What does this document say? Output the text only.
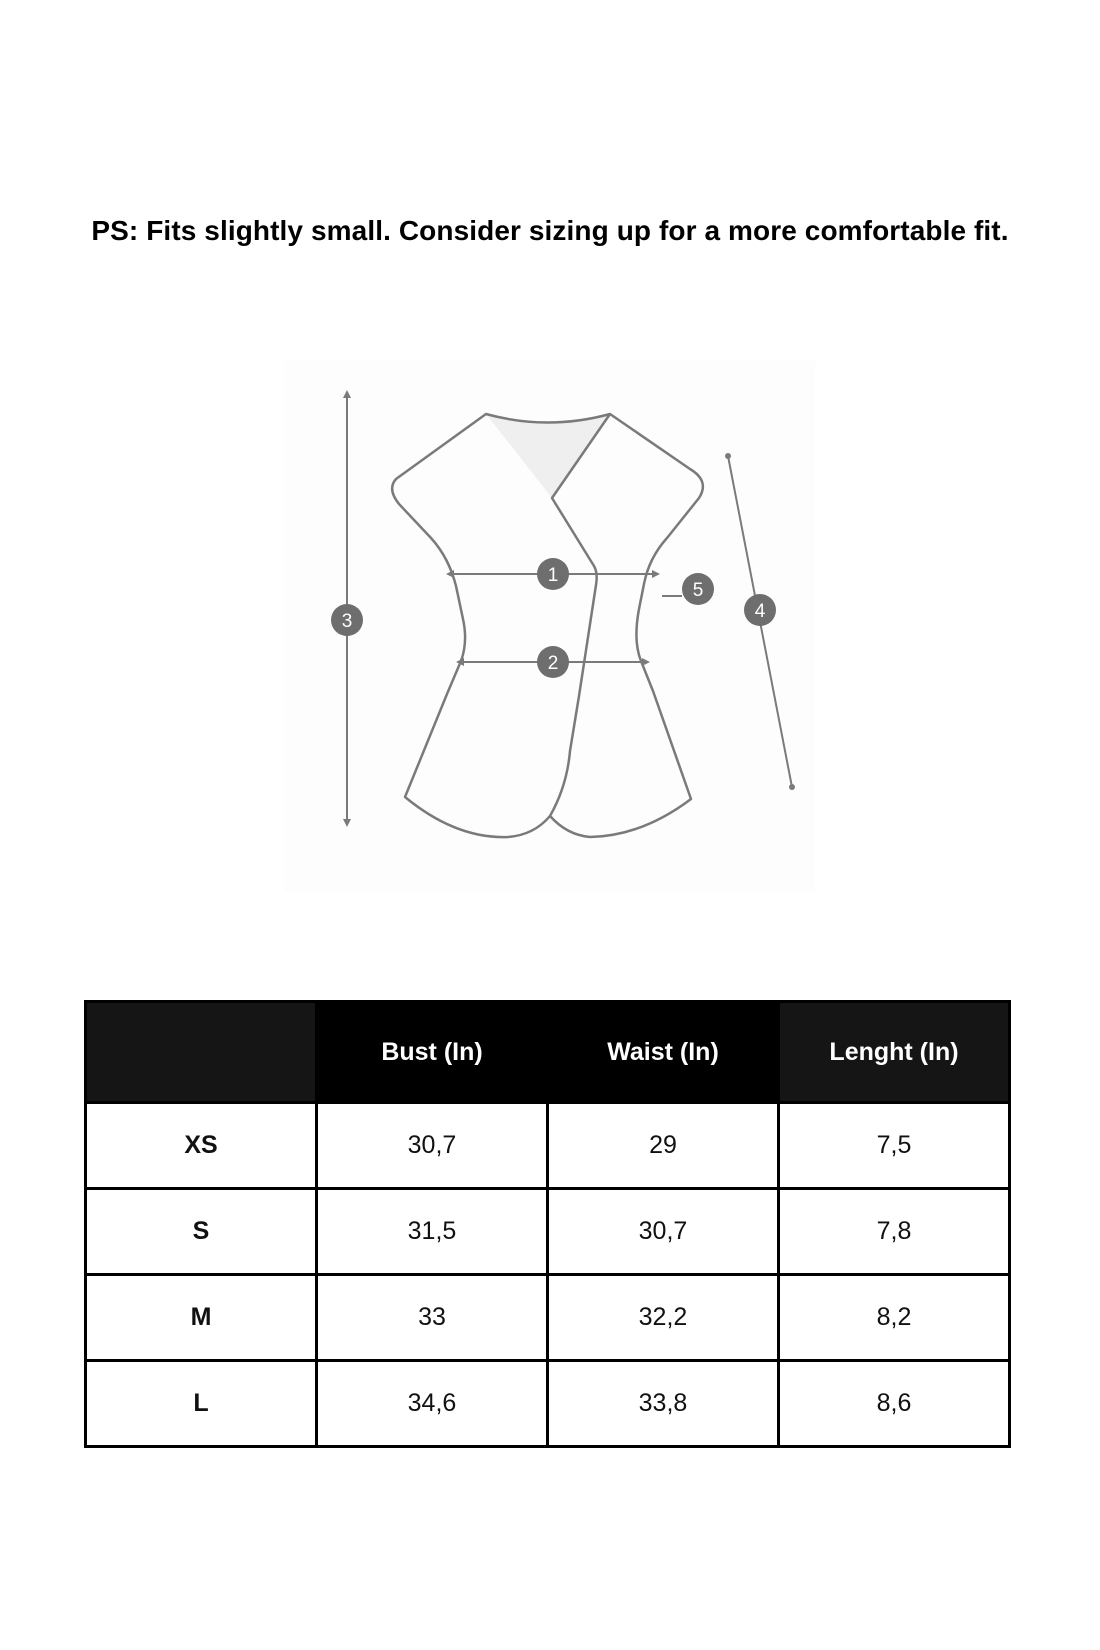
PS: Fits slightly small. Consider sizing up for a more comfortable fit.
1
2
3	4
5
	Bust (In)	Waist (In)	Lenght (In)
XS	30,7	29	7,5
S	31,5	30,7	7,8
M	33	32,2	8,2
L	34,6	33,8	8,6
